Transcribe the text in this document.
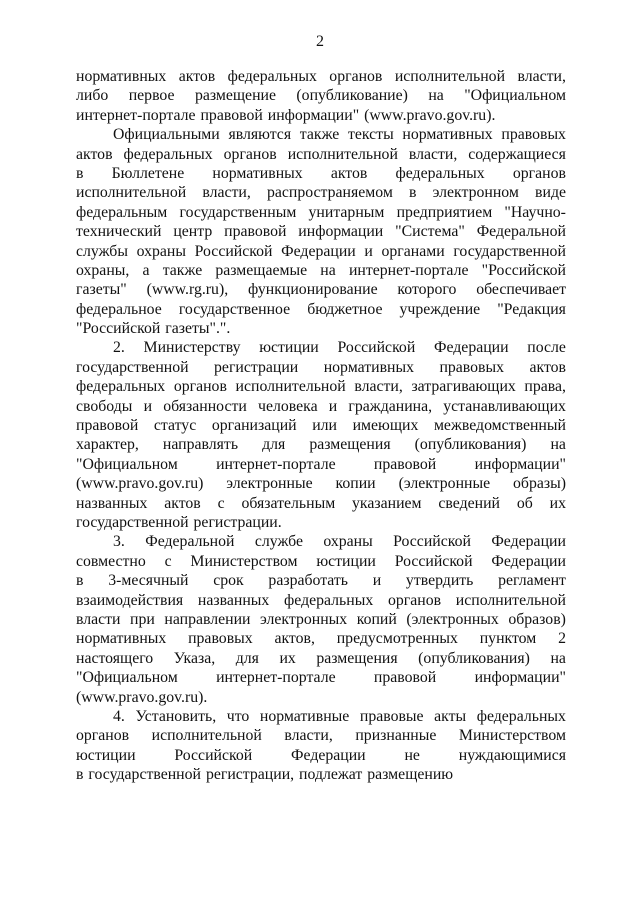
2
нормативных актов федеральных органов исполнительной власти,
либо первое размещение (опубликование) на "Официальном
интернет-портале правовой информации" (www.pravo.gov.ru).
Официальными являются также тексты нормативных правовых
актов федеральных органов исполнительной власти, содержащиеся
в Бюллетене нормативных актов федеральных органов
исполнительной власти, распространяемом в электронном виде
федеральным государственным унитарным предприятием "Научно-
технический центр правовой информации "Система" Федеральной
службы охраны Российской Федерации и органами государственной
охраны, а также размещаемые на интернет-портале "Российской
газеты" (www.rg.ru), функционирование которого обеспечивает
федеральное государственное бюджетное учреждение "Редакция
"Российской газеты".".
2. Министерству юстиции Российской Федерации после
государственной регистрации нормативных правовых актов
федеральных органов исполнительной власти, затрагивающих права,
свободы и обязанности человека и гражданина, устанавливающих
правовой статус организаций или имеющих межведомственный
характер, направлять для размещения (опубликования) на
"Официальном интернет-портале правовой информации"
(www.pravo.gov.ru) электронные копии (электронные образы)
названных актов с обязательным указанием сведений об их
государственной регистрации.
3. Федеральной службе охраны Российской Федерации
совместно с Министерством юстиции Российской Федерации
в 3-месячный срок разработать и утвердить регламент
взаимодействия названных федеральных органов исполнительной
власти при направлении электронных копий (электронных образов)
нормативных правовых актов, предусмотренных пунктом 2
настоящего Указа, для их размещения (опубликования) на
"Официальном интернет-портале правовой информации"
(www.pravo.gov.ru).
4. Установить, что нормативные правовые акты федеральных
органов исполнительной власти, признанные Министерством
юстиции Российской Федерации не нуждающимися
в государственной регистрации, подлежат размещению
